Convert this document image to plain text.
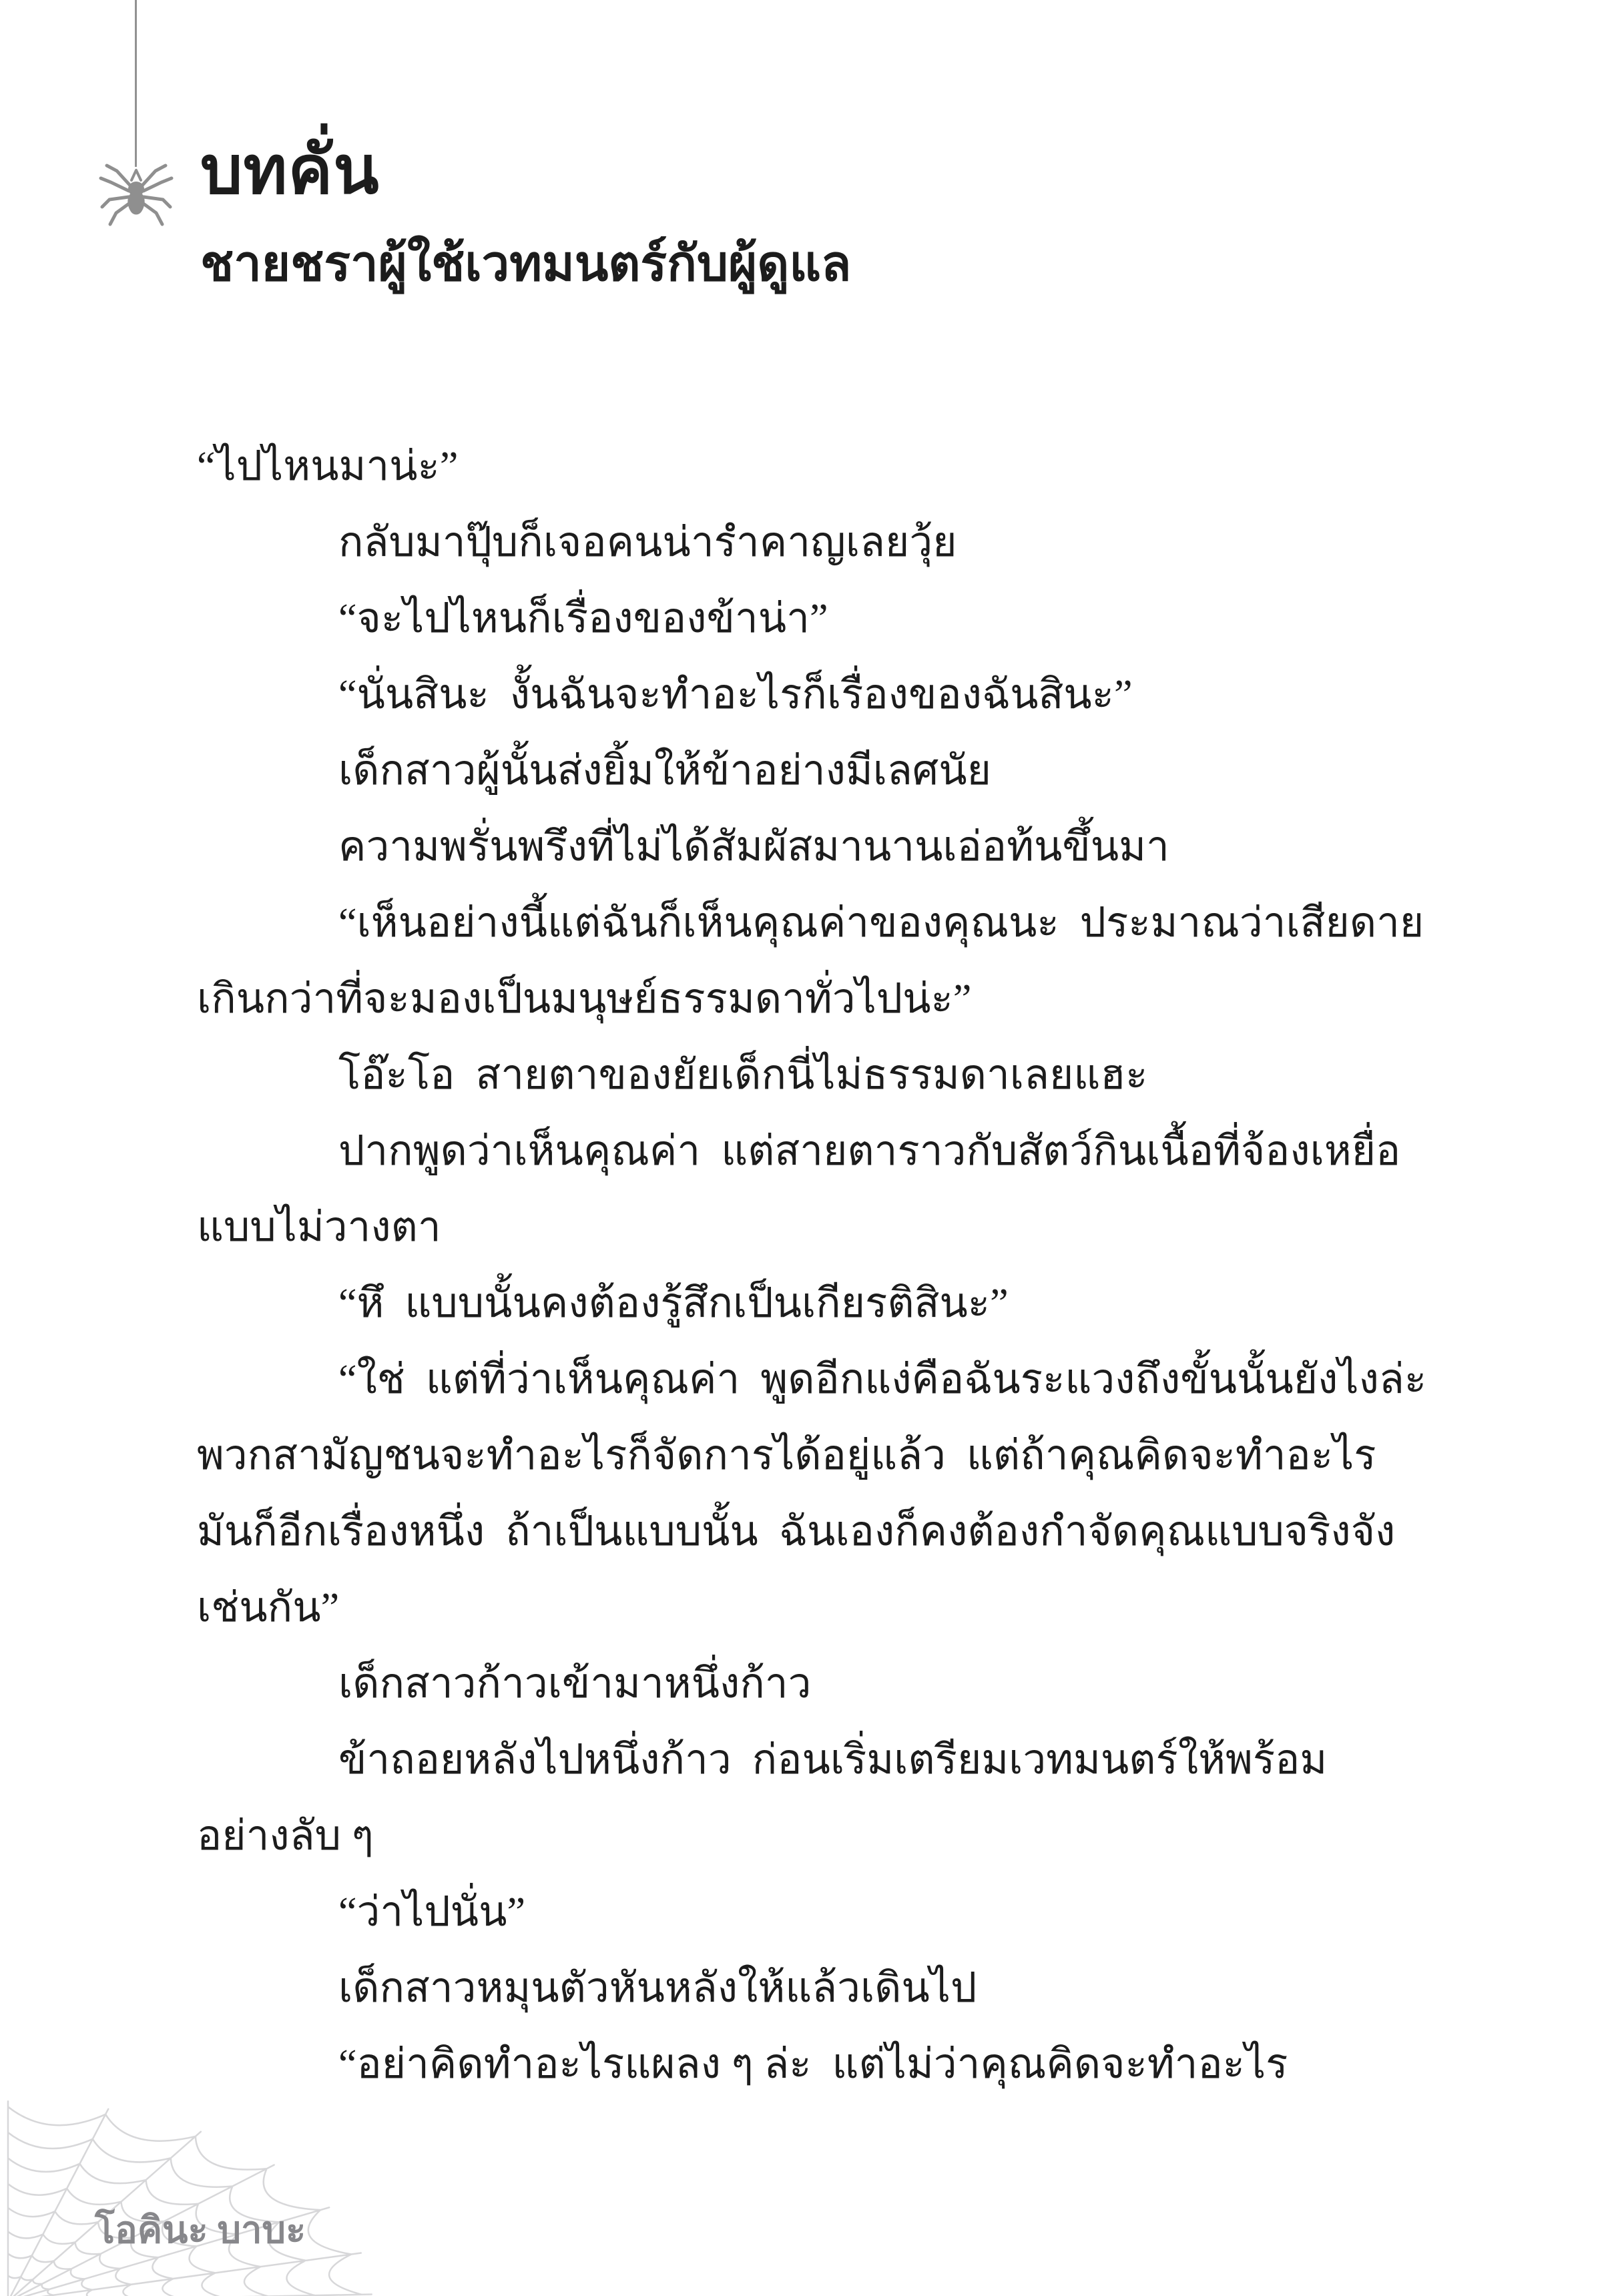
บทคั่น
ชายชราผู้ใช้เวทมนตร์กับผู้ดูแล
“ไปไหนมาน่ะ”
กลับมาปุ๊บก็เจอคนน่ารำคาญเลยวุ้ย
“จะไปไหนก็เรื่องของข้าน่า”
“นั่นสินะ  งั้นฉันจะทำอะไรก็เรื่องของฉันสินะ”
เด็กสาวผู้นั้นส่งยิ้มให้ข้าอย่างมีเลศนัย
ความพรั่นพรึงที่ไม่ได้สัมผัสมานานเอ่อท้นขึ้นมา
“เห็นอย่างนี้แต่ฉันก็เห็นคุณค่าของคุณนะ  ประมาณว่าเสียดาย
เกินกว่าที่จะมองเป็นมนุษย์ธรรมดาทั่วไปน่ะ”
โอ๊ะโอ  สายตาของยัยเด็กนี่ไม่ธรรมดาเลยแฮะ
ปากพูดว่าเห็นคุณค่า  แต่สายตาราวกับสัตว์กินเนื้อที่จ้องเหยื่อ
แบบไม่วางตา
“หึ  แบบนั้นคงต้องรู้สึกเป็นเกียรติสินะ”
“ใช่  แต่ที่ว่าเห็นคุณค่า  พูดอีกแง่คือฉันระแวงถึงขั้นนั้นยังไงล่ะ
พวกสามัญชนจะทำอะไรก็จัดการได้อยู่แล้ว  แต่ถ้าคุณคิดจะทำอะไร
มันก็อีกเรื่องหนึ่ง  ถ้าเป็นแบบนั้น  ฉันเองก็คงต้องกำจัดคุณแบบจริงจัง
เช่นกัน”
เด็กสาวก้าวเข้ามาหนึ่งก้าว
ข้าถอยหลังไปหนึ่งก้าว  ก่อนเริ่มเตรียมเวทมนตร์ให้พร้อม
อย่างลับ ๆ
“ว่าไปนั่น”
เด็กสาวหมุนตัวหันหลังให้แล้วเดินไป
“อย่าคิดทำอะไรแผลง ๆ ล่ะ  แต่ไม่ว่าคุณคิดจะทำอะไร
โอคินะ บาบะ
